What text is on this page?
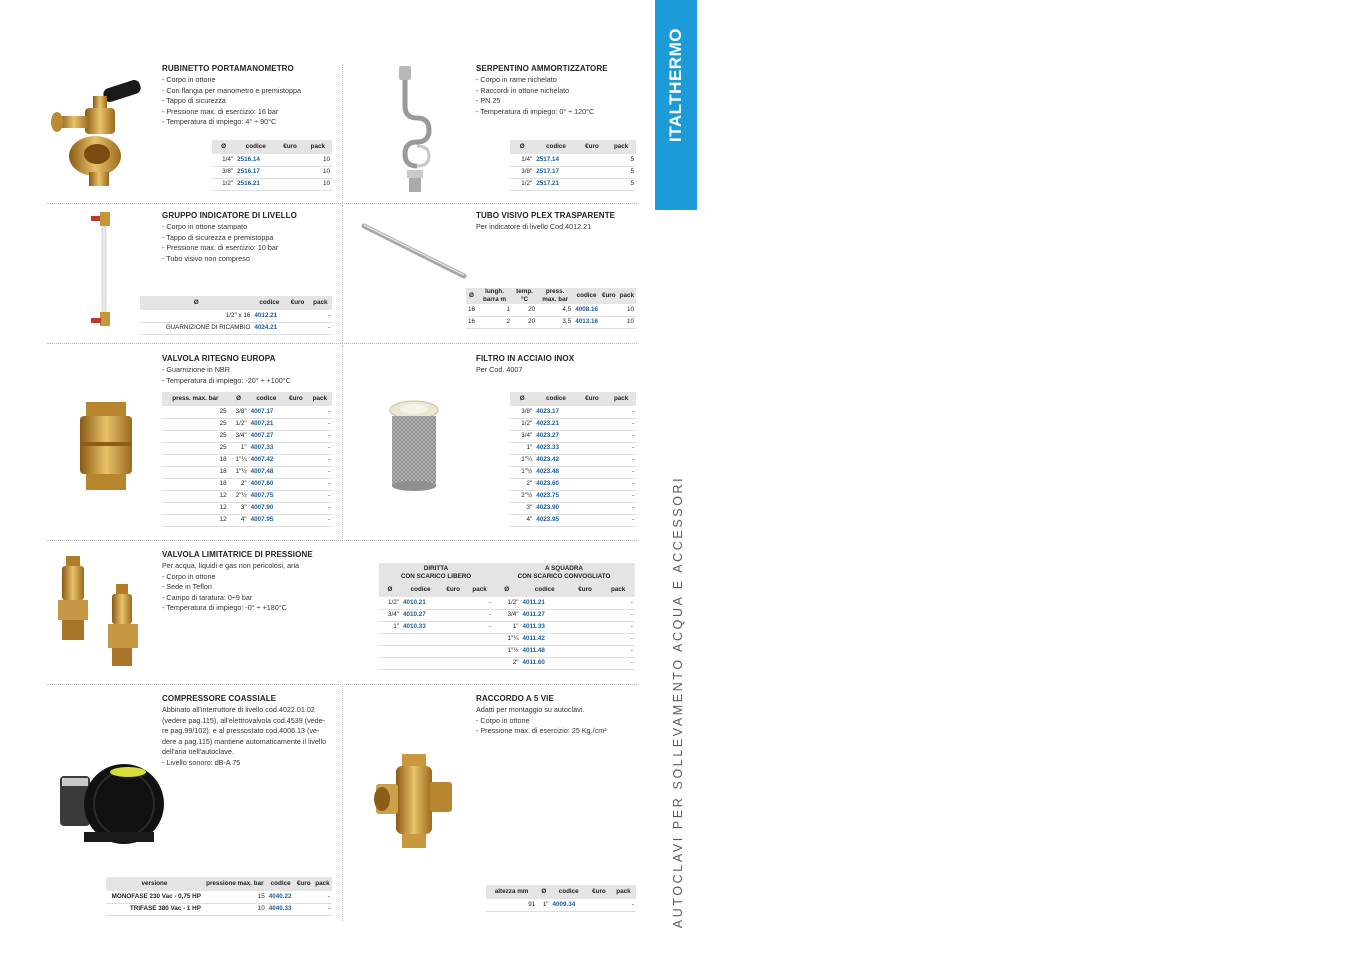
ITALTHERMO
119
AUTOCLAVI PER SOLLEVAMENTO ACQUA E ACCESSORI
RUBINETTO PORTAMANOMETRO
- Corpo in ottone
- Con flangia per manometro e premistoppa
- Tappo di sicurezza
- Pressione max. di esercizio: 16 bar
- Temperatura di impiego: 4° ÷ 90°C
Ø	codice	€uro	pack
1/4"	2516.14		10
3/8"	2516.17		10
1/2"	2516.21		10
SERPENTINO AMMORTIZZATORE
- Corpo in rame nichelato
- Raccordi in ottone nichelato
- PN 25
- Temperatura di impiego: 0° ÷ 120°C
Ø	codice	€uro	pack
1/4"	2517.14		5
3/8"	2517.17		5
1/2"	2517.21		5
GRUPPO INDICATORE DI LIVELLO
- Corpo in ottone stampato
- Tappo di sicurezza e premistoppa
- Pressione max. di esercizio: 10 bar
- Tubo visivo non compreso
Ø	codice	€uro	pack
1/2" x 16	4012.21		-
GUARNIZIONE DI RICAMBIO	4024.21		-
TUBO VISIVO PLEX TRASPARENTE
Per indicatore di livello Cod.4012.21
Ø	lungh. barra m	temp. °C	press. max. bar	codice	€uro	pack
16	1	20	4,5	4008.16		10
16	2	20	3,5	4013.16		10
VALVOLA RITEGNO EUROPA
- Guarnizione in NBR
- Temperatura di impiego: -20° ÷ +100°C
press. max. bar	Ø	codice	€uro	pack
25	3/8"	4007.17		-
25	1/2"	4007.21		-
25	3/4"	4007.27		-
25	1"	4007.33		-
18	1"¼	4007.42		-
18	1"½	4007.48		-
18	2"	4007.60		-
12	2"½	4007.75		-
12	3"	4007.90		-
12	4"	4007.95		-
FILTRO IN ACCIAIO INOX
Per Cod. 4007
Ø	codice	€uro	pack
3/8"	4023.17		-
1/2"	4023.21		-
3/4"	4023.27		-
1"	4023.33		-
1"¼	4023.42		-
1"½	4023.48		-
2"	4023.60		-
2"½	4023.75		-
3"	4023.90		-
4"	4023.95		-
VALVOLA LIMITATRICE DI PRESSIONE
Per acqua, liquidi e gas non pericolosi, aria
- Corpo in ottone
- Sede in Teflon
- Campo di taratura: 0÷9 bar
- Temperatura di impiego: -0° ÷ +180°C
DIRITTA
CON SCARICO LIBERO				A SQUADRA
CON SCARICO CONVOGLIATO			
Ø	codice	€uro	pack	Ø	codice	€uro	pack
1/2"	4010.21		-	1/2"	4011.21		-
3/4"	4010.27		-	3/4"	4011.27		-
1"	4010.33		-	1"	4011.33		-
				1"¼	4011.42		-
				1"½	4011.48		-
				2"	4011.60		-
COMPRESSORE COASSIALE
Abbinato all'interruttore di livello cod.4022.01.02
(vedere pag.115), all'elettrovalvola cod.4539 (vede-
re pag.99/102). e al pressostato cod.4006.13 (ve-
dere a pag.115) mantiene automaticamente il livello
dell'aria nell'autoclave.
- Livello sonoro: dB-A 75
versione	pressione max. bar	codice	€uro	pack
MONOFASE 230 Vac - 0,75 HP	15	4040.22		-
TRIFASE 380 Vac - 1 HP	10	4040.33		-
RACCORDO A 5 VIE
Adatti per montaggio su autoclavi.
- Corpo in ottone
- Pressione max. di esercizio: 25 Kg./cm²
altezza mm	Ø	codice	€uro	pack
91	1"	4009.34		-
